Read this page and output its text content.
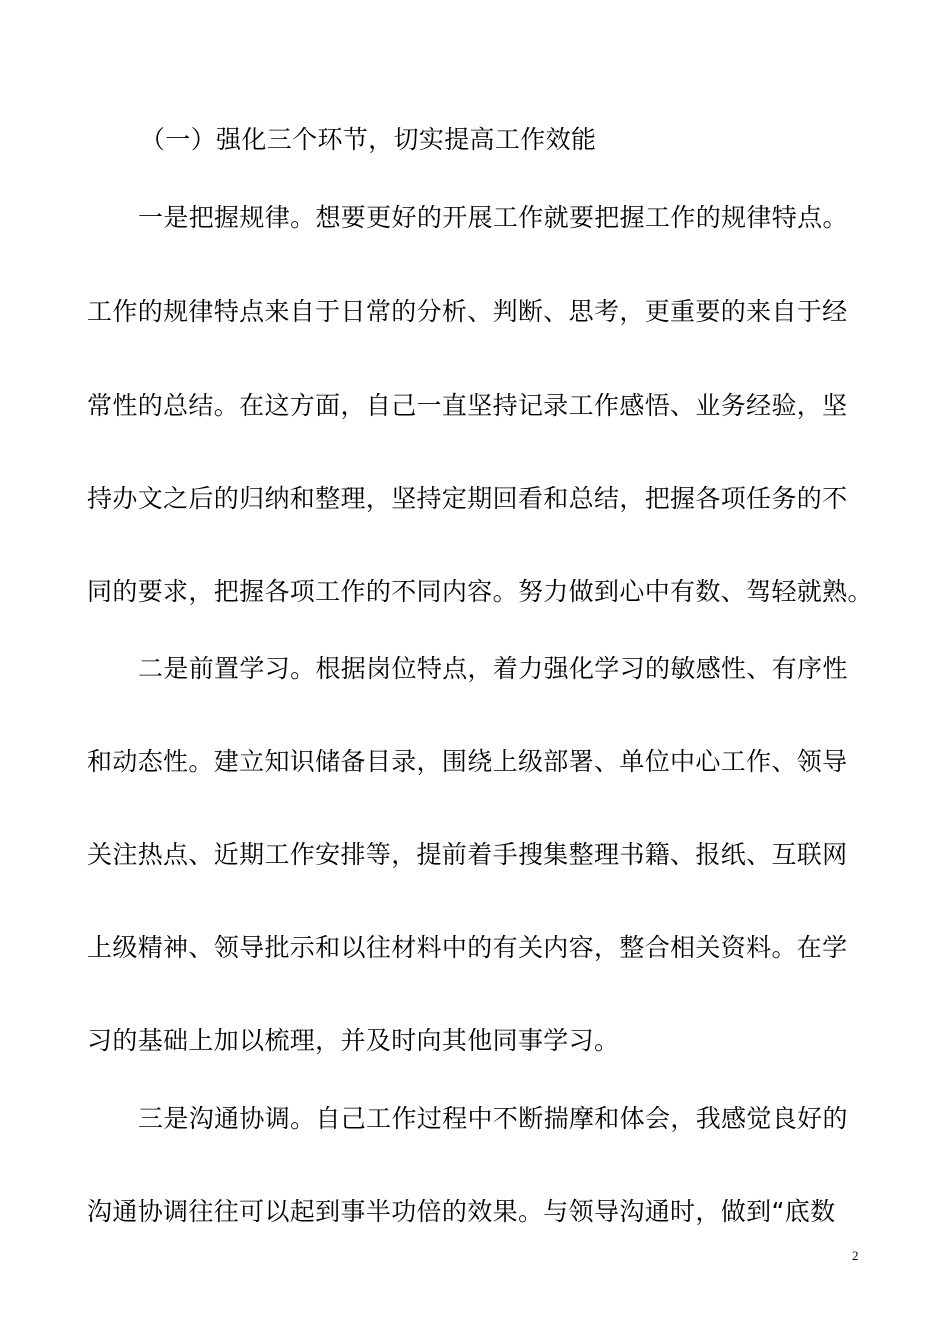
（一）强化三个环节，切实提高工作效能
一是把握规律。想要更好的开展工作就要把握工作的规律特点。
工作的规律特点来自于日常的分析、判断、思考，更重要的来自于经
常性的总结。在这方面，自己一直坚持记录工作感悟、业务经验，坚
持办文之后的归纳和整理，坚持定期回看和总结，把握各项任务的不
同的要求，把握各项工作的不同内容。努力做到心中有数、驾轻就熟。
二是前置学习。根据岗位特点，着力强化学习的敏感性、有序性
和动态性。建立知识储备目录，围绕上级部署、单位中心工作、领导
关注热点、近期工作安排等，提前着手搜集整理书籍、报纸、互联网
上级精神、领导批示和以往材料中的有关内容，整合相关资料。在学
习的基础上加以梳理，并及时向其他同事学习。
三是沟通协调。自己工作过程中不断揣摩和体会，我感觉良好的
沟通协调往往可以起到事半功倍的效果。与领导沟通时，做到“底数
2
